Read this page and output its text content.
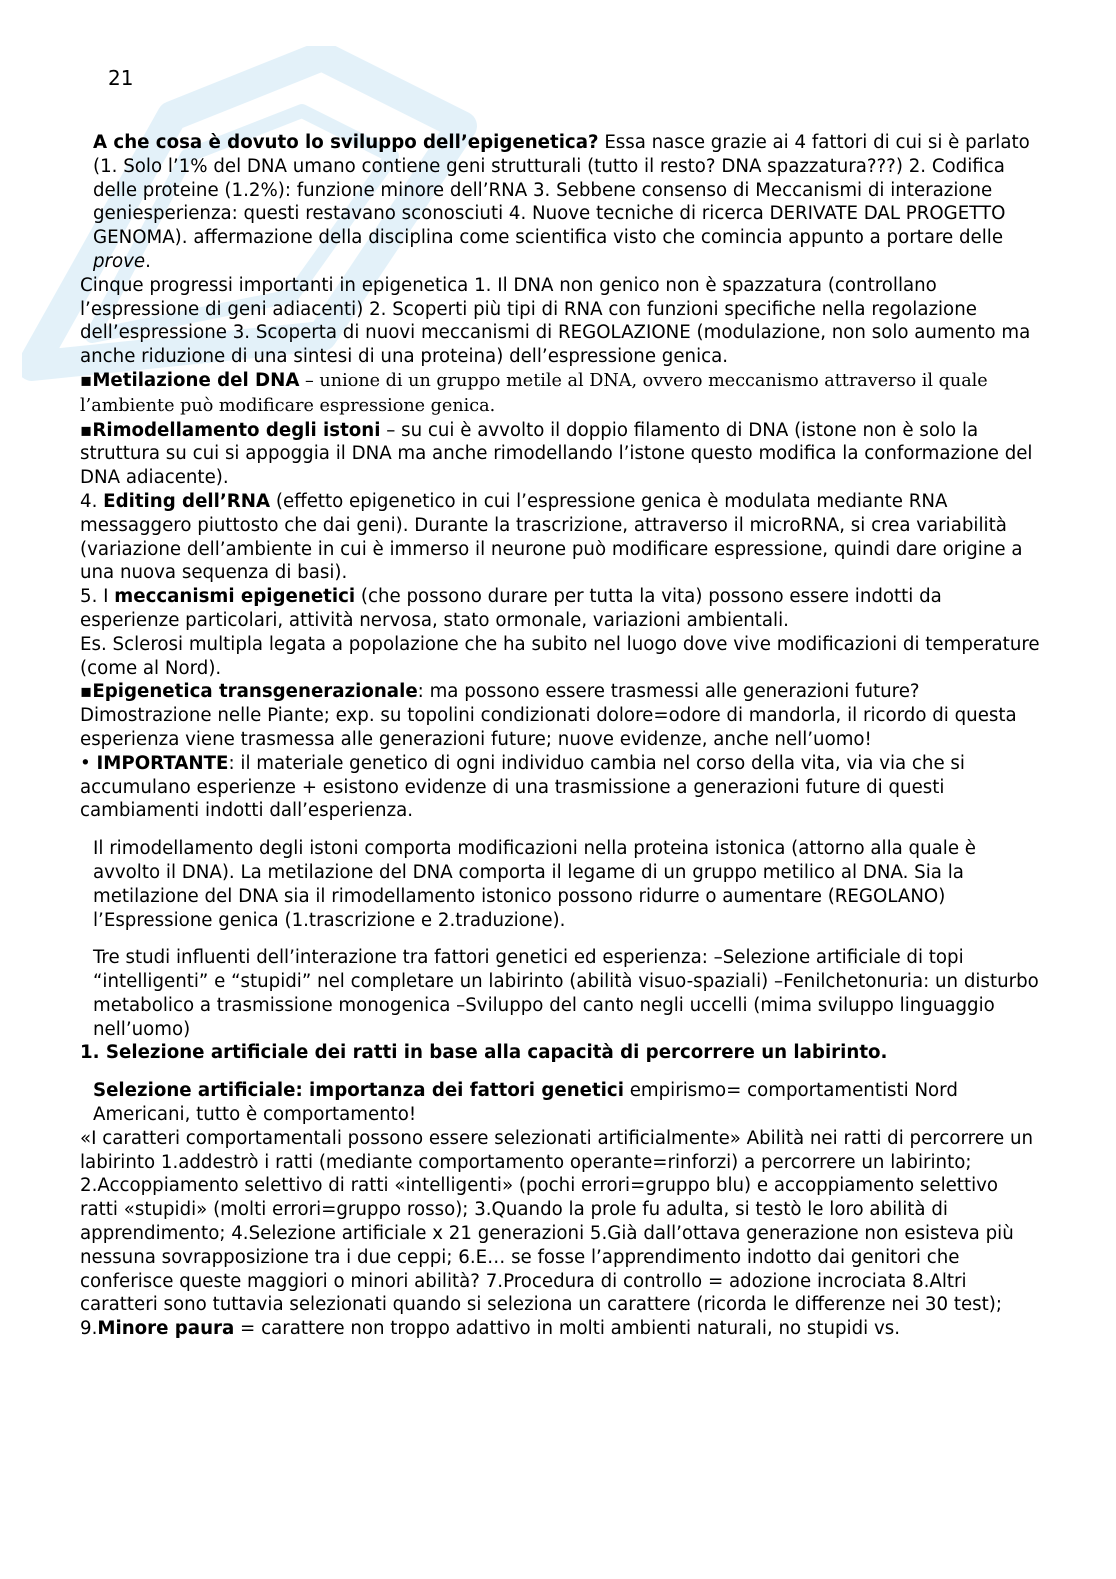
21

A che cosa è dovuto lo sviluppo dell’epigenetica? Essa nasce grazie ai 4 fattori di cui si è parlato (1. Solo l’1% del DNA umano contiene geni strutturali (tutto il resto? DNA spazzatura???) 2. Codifica delle proteine (1.2%): funzione minore dell’RNA 3. Sebbene consenso di Meccanismi di interazione geniesperienza: questi restavano sconosciuti 4. Nuove tecniche di ricerca DERIVATE DAL PROGETTO GENOMA). affermazione della disciplina come scientifica visto che comincia appunto a portare delle prove.

Cinque progressi importanti in epigenetica 1. Il DNA non genico non è spazzatura (controllano l’espressione di geni adiacenti) 2. Scoperti più tipi di RNA con funzioni specifiche nella regolazione dell’espressione 3. Scoperta di nuovi meccanismi di REGOLAZIONE (modulazione, non solo aumento ma anche riduzione di una sintesi di una proteina) dell’espressione genica.

▪Metilazione del DNA – unione di un gruppo metile al DNA, ovvero meccanismo attraverso il quale l’ambiente può modificare espressione genica.

▪Rimodellamento degli istoni – su cui è avvolto il doppio filamento di DNA (istone non è solo la struttura su cui si appoggia il DNA ma anche rimodellando l’istone questo modifica la conformazione del DNA adiacente).

4. Editing dell’RNA (effetto epigenetico in cui l’espressione genica è modulata mediante RNA messaggero piuttosto che dai geni). Durante la trascrizione, attraverso il microRNA, si crea variabilità (variazione dell’ambiente in cui è immerso il neurone può modificare espressione, quindi dare origine a una nuova sequenza di basi).

5. I meccanismi epigenetici (che possono durare per tutta la vita) possono essere indotti da esperienze particolari, attività nervosa, stato ormonale, variazioni ambientali.

Es. Sclerosi multipla legata a popolazione che ha subito nel luogo dove vive modificazioni di temperature (come al Nord).

▪Epigenetica transgenerazionale: ma possono essere trasmessi alle generazioni future? Dimostrazione nelle Piante; exp. su topolini condizionati dolore=odore di mandorla, il ricordo di questa esperienza viene trasmessa alle generazioni future; nuove evidenze, anche nell’uomo!

• IMPORTANTE: il materiale genetico di ogni individuo cambia nel corso della vita, via via che si accumulano esperienze + esistono evidenze di una trasmissione a generazioni future di questi cambiamenti indotti dall’esperienza.

Il rimodellamento degli istoni comporta modificazioni nella proteina istonica (attorno alla quale è avvolto il DNA). La metilazione del DNA comporta il legame di un gruppo metilico al DNA. Sia la metilazione del DNA sia il rimodellamento istonico possono ridurre o aumentare (REGOLANO) l’Espressione genica (1.trascrizione e 2.traduzione).

Tre studi influenti dell’interazione tra fattori genetici ed esperienza: –Selezione artificiale di topi “intelligenti” e “stupidi” nel completare un labirinto (abilità visuo-spaziali) –Fenilchetonuria: un disturbo metabolico a trasmissione monogenica –Sviluppo del canto negli uccelli (mima sviluppo linguaggio nell’uomo)

1. Selezione artificiale dei ratti in base alla capacità di percorrere un labirinto.

Selezione artificiale: importanza dei fattori genetici empirismo= comportamentisti Nord Americani, tutto è comportamento!

«I caratteri comportamentali possono essere selezionati artificialmente» Abilità nei ratti di percorrere un labirinto 1.addestrò i ratti (mediante comportamento operante=rinforzi) a percorrere un labirinto; 2.Accoppiamento selettivo di ratti «intelligenti» (pochi errori=gruppo blu) e accoppiamento selettivo ratti «stupidi» (molti errori=gruppo rosso); 3.Quando la prole fu adulta, si testò le loro abilità di apprendimento; 4.Selezione artificiale x 21 generazioni 5.Già dall’ottava generazione non esisteva più nessuna sovrapposizione tra i due ceppi; 6.E… se fosse l’apprendimento indotto dai genitori che conferisce queste maggiori o minori abilità? 7.Procedura di controllo = adozione incrociata 8.Altri caratteri sono tuttavia selezionati quando si seleziona un carattere (ricorda le differenze nei 30 test); 9.Minore paura = carattere non troppo adattivo in molti ambienti naturali, no stupidi vs.
